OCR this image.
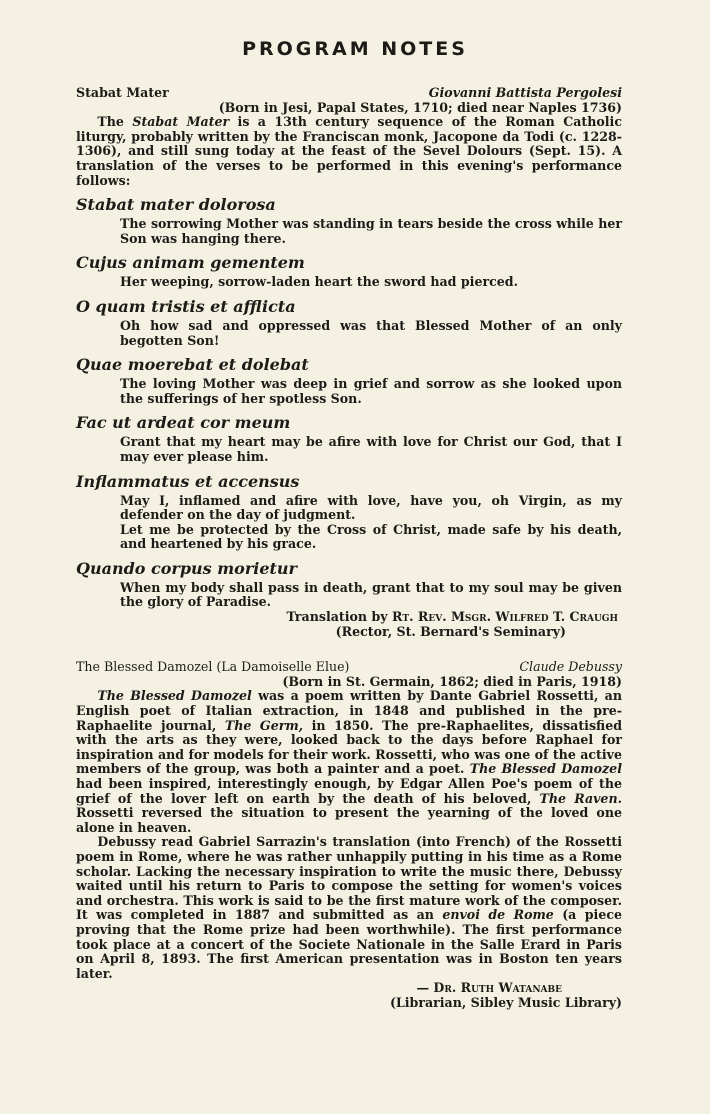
PROGRAM NOTES
Stabat Mater	Giovanni Battista Pergolesi
(Born in Jesi, Papal States, 1710; died near Naples 1736)

The Stabat Mater is a 13th century sequence of the Roman Catholic liturgy, probably written by the Franciscan monk, Jacopone da Todi (c. 1228-1306), and still sung today at the feast of the Sevel Dolours (Sept. 15). A translation of the verses to be performed in this evening's performance follows:

Stabat mater dolorosa
The sorrowing Mother was standing in tears beside the cross while her Son was hanging there.
Cujus animam gementem
Her weeping, sorrow-laden heart the sword had pierced.
O quam tristis et afflicta
Oh how sad and oppressed was that Blessed Mother of an only begotten Son!
Quae moerebat et dolebat
The loving Mother was deep in grief and sorrow as she looked upon the sufferings of her spotless Son.
Fac ut ardeat cor meum
Grant that my heart may be afire with love for Christ our God, that I may ever please him.
Inflammatus et accensus
May I, inflamed and afire with love, have you, oh Virgin, as my defender on the day of judgment.
Let me be protected by the Cross of Christ, made safe by his death, and heartened by his grace.
Quando corpus morietur
When my body shall pass in death, grant that to my soul may be given the glory of Paradise.
Translation by Rt. Rev. Msgr. Wilfred T. Craugh
(Rector, St. Bernard's Seminary)
The Blessed Damozel (La Damoiselle Elue)	Claude Debussy
(Born in St. Germain, 1862; died in Paris, 1918)

The Blessed Damozel was a poem written by Dante Gabriel Rossetti, an English poet of Italian extraction, in 1848 and published in the pre-Raphaelite journal, The Germ, in 1850. The pre-Raphaelites, dissatisfied with the arts as they were, looked back to the days before Raphael for inspiration and for models for their work. Rossetti, who was one of the active members of the group, was both a painter and a poet. The Blessed Damozel had been inspired, interestingly enough, by Edgar Allen Poe's poem of the grief of the lover left on earth by the death of his beloved, The Raven. Rossetti reversed the situation to present the yearning of the loved one alone in heaven.

Debussy read Gabriel Sarrazin's translation (into French) of the Rossetti poem in Rome, where he was rather unhappily putting in his time as a Rome scholar. Lacking the necessary inspiration to write the music there, Debussy waited until his return to Paris to compose the setting for women's voices and orchestra. This work is said to be the first mature work of the composer. It was completed in 1887 and submitted as an envoi de Rome (a piece proving that the Rome prize had been worthwhile). The first performance took place at a concert of the Societe Nationale in the Salle Erard in Paris on April 8, 1893. The first American presentation was in Boston ten years later.

— Dr. Ruth Watanabe
(Librarian, Sibley Music Library)
